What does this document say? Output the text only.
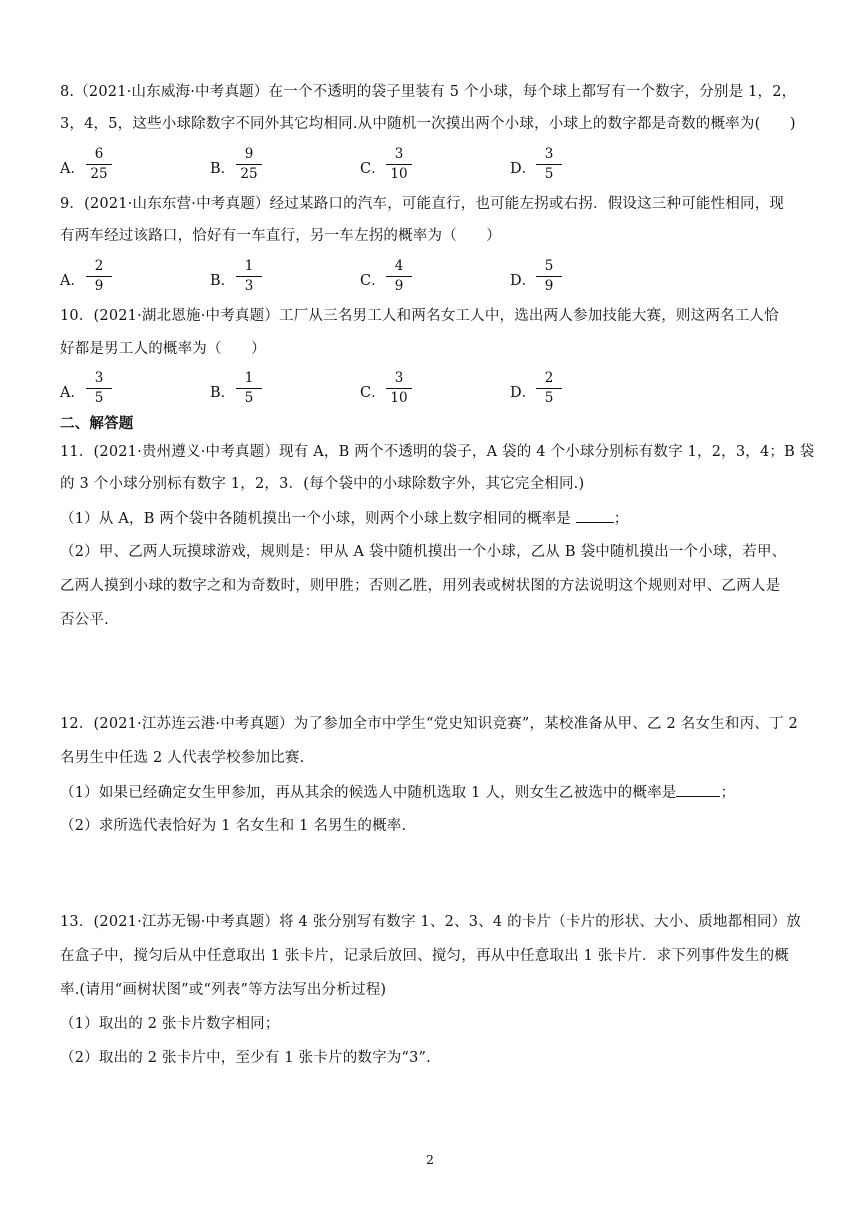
8.（2021·山东威海·中考真题）在一个不透明的袋子里装有 5 个小球，每个球上都写有一个数字，分别是 1，2，
3，4，5，这些小球除数字不同外其它均相同.从中随机一次摸出两个小球，小球上的数字都是奇数的概率为(　　)
A．
6
25	B．
9
25	C．
3
10	D．
3
5
9．(2021·山东东营·中考真题）经过某路口的汽车，可能直行，也可能左拐或右拐．假设这三种可能性相同，现
有两车经过该路口，恰好有一车直行，另一车左拐的概率为（　　）
A．
2
9	B．
1
3	C．
4
9	D．
5
9
10．(2021·湖北恩施·中考真题）工厂从三名男工人和两名女工人中，选出两人参加技能大赛，则这两名工人恰
好都是男工人的概率为（　　）
A．
3
5	B．
1
5	C．
3
10	D．
2
5
二、解答题
11．(2021·贵州遵义·中考真题）现有 A，B 两个不透明的袋子，A 袋的 4 个小球分别标有数字 1，2，3，4；B 袋
的 3 个小球分别标有数字 1，2，3．(每个袋中的小球除数字外，其它完全相同.)
（1）从 A，B 两个袋中各随机摸出一个小球，则两个小球上数字相同的概率是	；
（2）甲、乙两人玩摸球游戏，规则是：甲从 A 袋中随机摸出一个小球，乙从 B 袋中随机摸出一个小球，若甲、
乙两人摸到小球的数字之和为奇数时，则甲胜；否则乙胜，用列表或树状图的方法说明这个规则对甲、乙两人是
否公平.
12．(2021·江苏连云港·中考真题）为了参加全市中学生“党史知识竞赛”，某校准备从甲、乙 2 名女生和丙、丁 2
名男生中任选 2 人代表学校参加比赛.
（1）如果已经确定女生甲参加，再从其余的候选人中随机选取 1 人，则女生乙被选中的概率是	；
（2）求所选代表恰好为 1 名女生和 1 名男生的概率.
13．(2021·江苏无锡·中考真题）将 4 张分别写有数字 1、2、3、4 的卡片（卡片的形状、大小、质地都相同）放
在盒子中，搅匀后从中任意取出 1 张卡片，记录后放回、搅匀，再从中任意取出 1 张卡片．求下列事件发生的概
率.(请用“画树状图”或“列表”等方法写出分析过程)
（1）取出的 2 张卡片数字相同；
（2）取出的 2 张卡片中，至少有 1 张卡片的数字为“3”.
2
